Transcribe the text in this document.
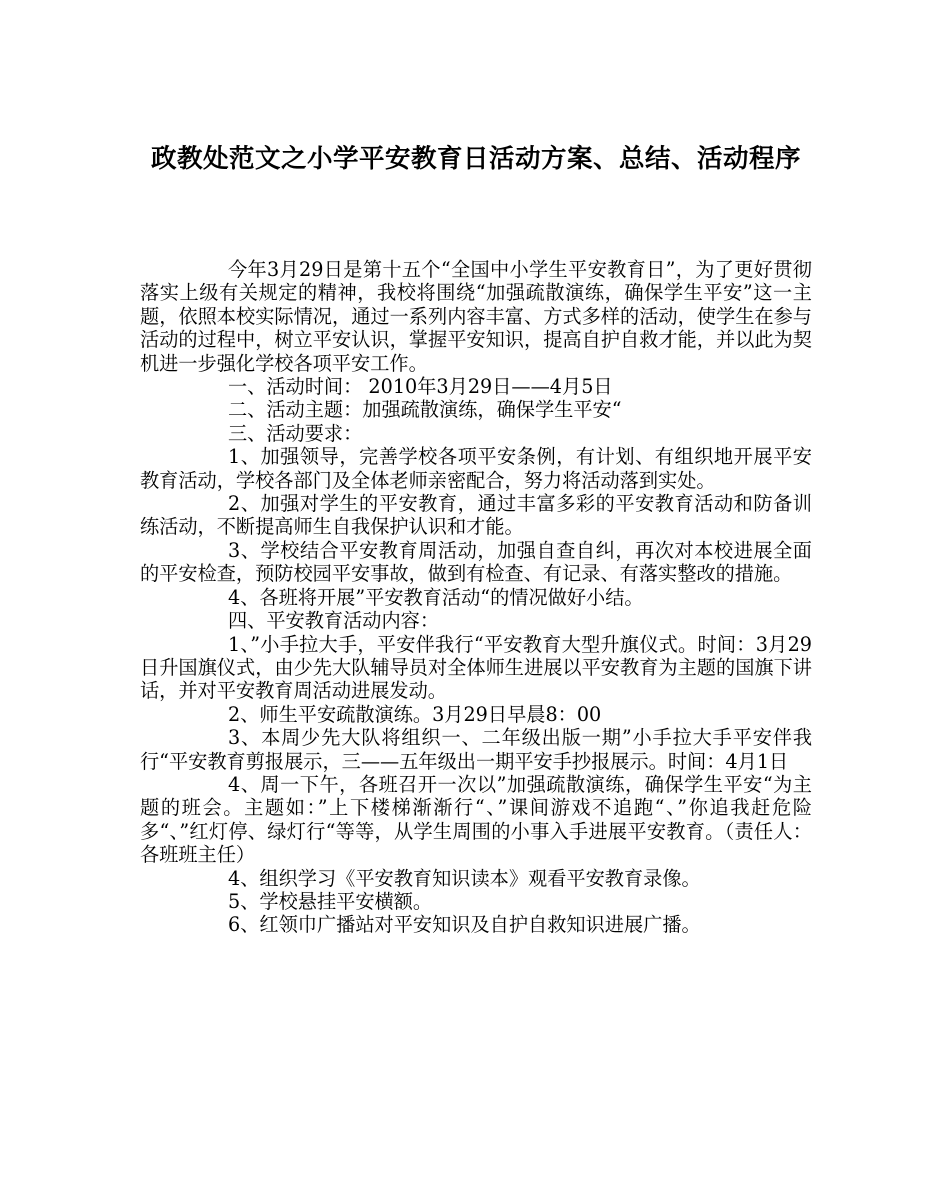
政教处范文之小学平安教育日活动方案、总结、活动程序

今年3月29日是第十五个“全国中小学生平安教育日”，为了更好贯彻落实上级有关规定的精神，我校将围绕“加强疏散演练，确保学生平安”这一主题，依照本校实际情况，通过一系列内容丰富、方式多样的活动，使学生在参与活动的过程中，树立平安认识，掌握平安知识，提高自护自救才能，并以此为契机进一步强化学校各项平安工作。

一、活动时间： 2010年3月29日——4月5日

二、活动主题：加强疏散演练，确保学生平安“

三、活动要求：

1、加强领导，完善学校各项平安条例，有计划、有组织地开展平安教育活动，学校各部门及全体老师亲密配合，努力将活动落到实处。

2、加强对学生的平安教育，通过丰富多彩的平安教育活动和防备训练活动，不断提高师生自我保护认识和才能。

3、学校结合平安教育周活动，加强自查自纠，再次对本校进展全面的平安检查，预防校园平安事故，做到有检查、有记录、有落实整改的措施。

4、各班将开展”平安教育活动“的情况做好小结。

四、平安教育活动内容：

1、”小手拉大手，平安伴我行“平安教育大型升旗仪式。时间：3月29日升国旗仪式，由少先大队辅导员对全体师生进展以平安教育为主题的国旗下讲话，并对平安教育周活动进展发动。

2、师生平安疏散演练。3月29日早晨8：00

3、本周少先大队将组织一、二年级出版一期”小手拉大手平安伴我行“平安教育剪报展示，三——五年级出一期平安手抄报展示。时间：4月1日

4、周一下午，各班召开一次以”加强疏散演练，确保学生平安“为主题的班会。主题如：”上下楼梯渐渐行“、”课间游戏不追跑“、”你追我赶危险多“、”红灯停、绿灯行“等等，从学生周围的小事入手进展平安教育。（责任人：各班班主任）

4、组织学习《平安教育知识读本》观看平安教育录像。

5、学校悬挂平安横额。

6、红领巾广播站对平安知识及自护自救知识进展广播。
